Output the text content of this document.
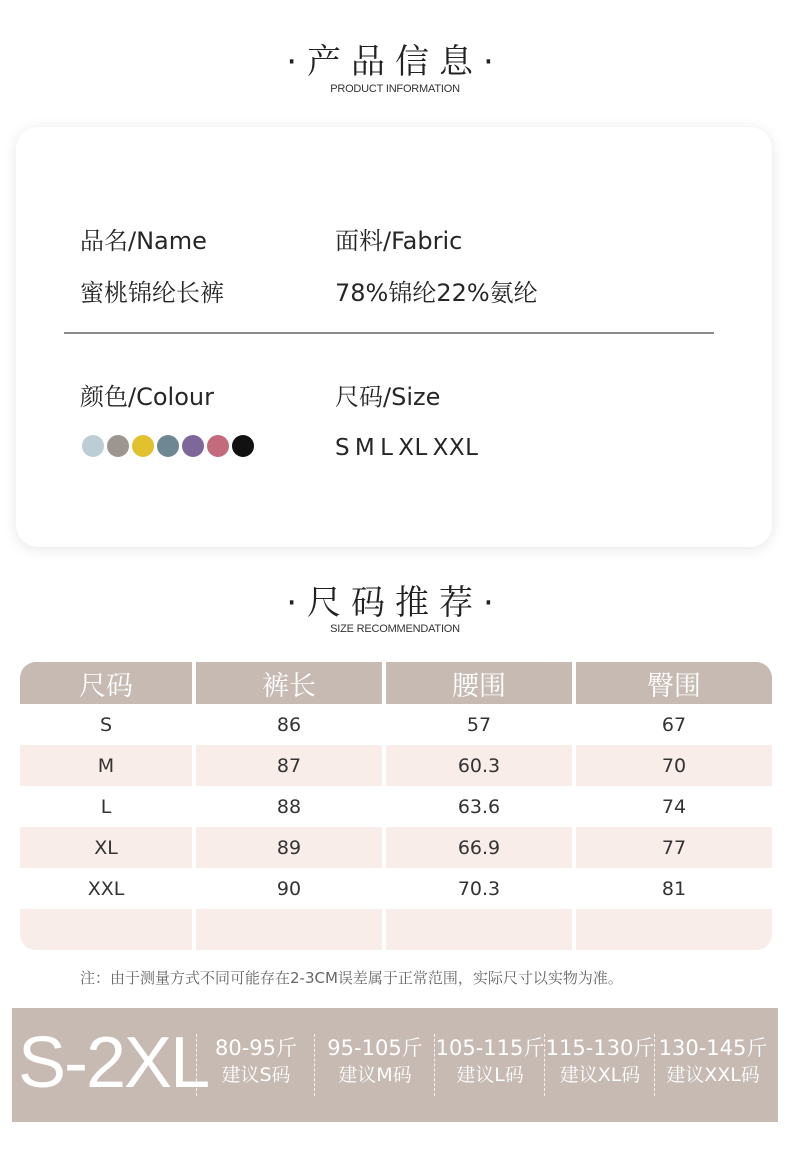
·产品信息·
PRODUCT INFORMATION
品名/Name
蜜桃锦纶长裤
面料/Fabric
78%锦纶22%氨纶
颜色/Colour	尺码/Size
S M L XL XXL
·尺码推荐·
SIZE RECOMMENDATION
尺码	裤长	腰围	臀围
S	86	57	67
M	87	60.3	70
L	88	63.6	74
XL	89	66.9	77
XXL	90	70.3	81
注：由于测量方式不同可能存在2-3CM误差属于正常范围，实际尺寸以实物为准。
S-2XL 80-95斤
建议S码
95-105斤
建议M码
105-115斤
建议L码
115-130斤
建议XL码
130-145斤
建议XXL码
